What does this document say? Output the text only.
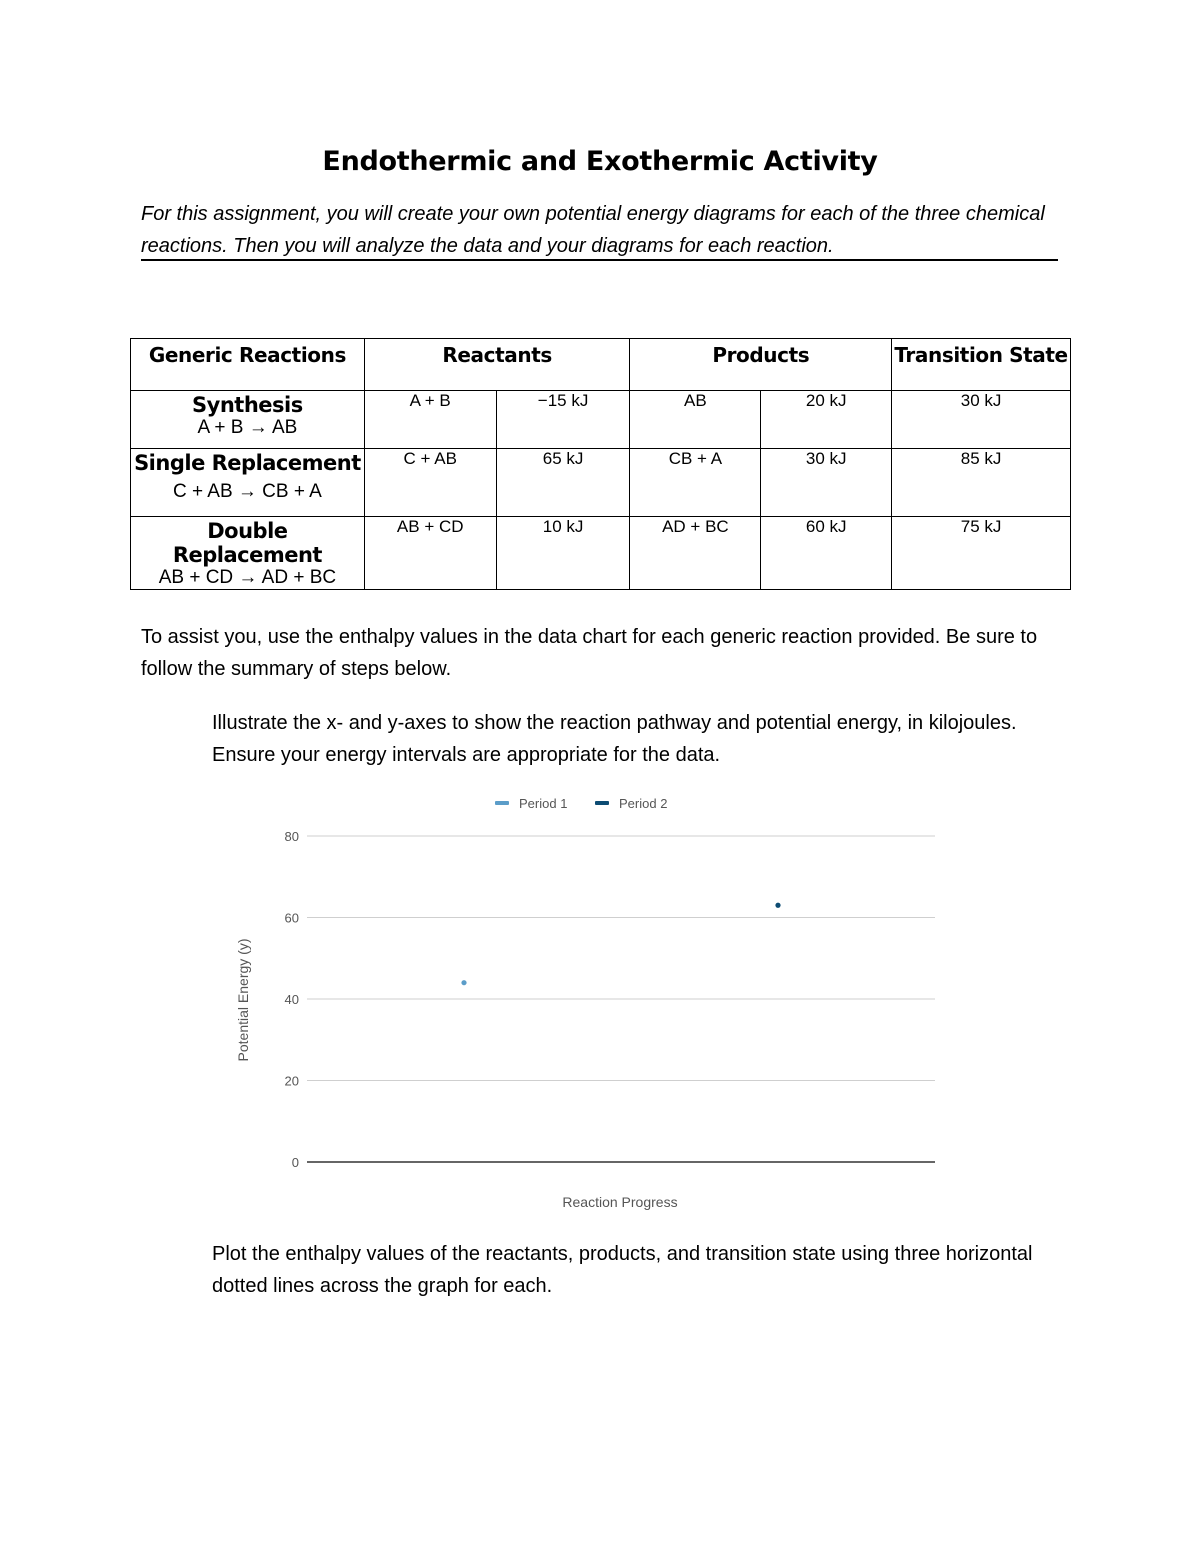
Endothermic and Exothermic Activity
For this assignment, you will create your own potential energy diagrams for each of the three chemical reactions. Then you will analyze the data and your diagrams for each reaction.
Generic Reactions	Reactants		Products		Transition State

Synthesis
A + B → AB	A + B	−15 kJ	AB	20 kJ	30 kJ

Single Replacement
C + AB → CB + A	C + AB	65 kJ	CB + A	30 kJ	85 kJ

Double Replacement
AB + CD → AD + BC	AB + CD	10 kJ	AD + BC	60 kJ	75 kJ
To assist you, use the enthalpy values in the data chart for each generic reaction provided. Be sure to follow the summary of steps below.
Illustrate the x- and y-axes to show the reaction pathway and potential energy, in kilojoules. Ensure your energy intervals are appropriate for the data.
Period 1	Period 2
0
20
40
60
80
Reaction Progress
Potential Energy (y)
Plot the enthalpy values of the reactants, products, and transition state using three horizontal dotted lines across the graph for each.
